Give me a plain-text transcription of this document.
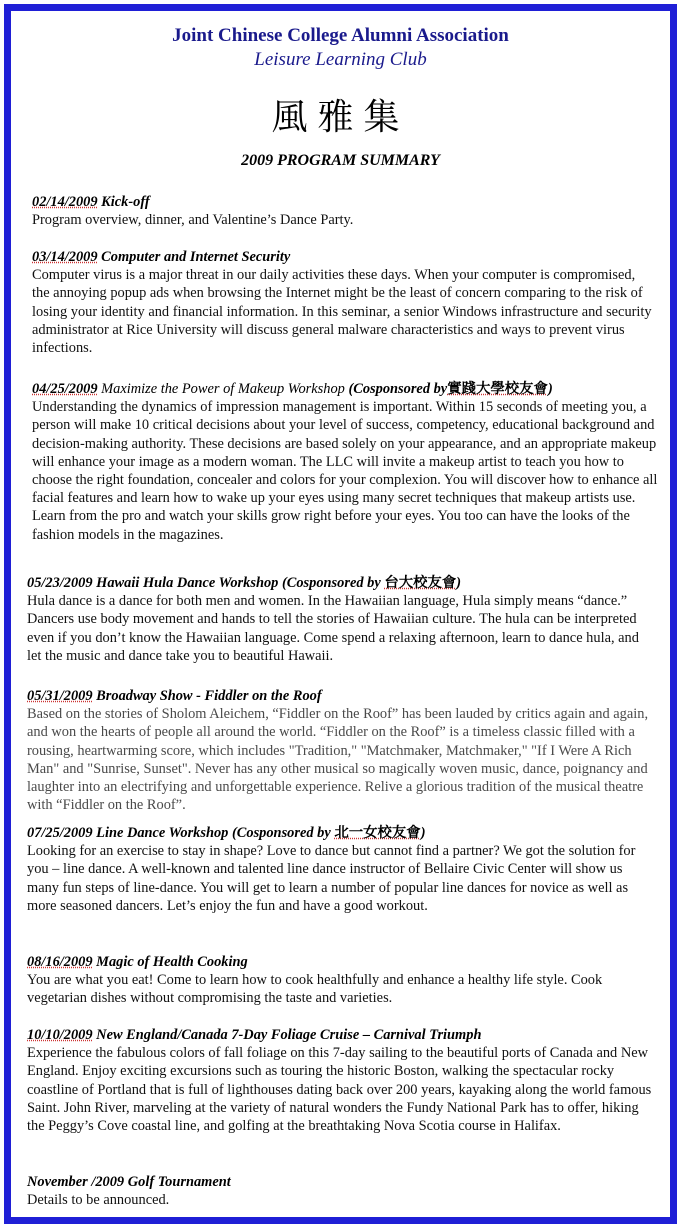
Joint Chinese College Alumni Association
Leisure Learning Club
風雅集
2009 PROGRAM SUMMARY
02/14/2009 Kick-off

Program overview, dinner, and Valentine’s Dance Party.

03/14/2009 Computer and Internet Security

Computer virus is a major threat in our daily activities these days. When your computer is compromised, the annoying popup ads when browsing the Internet might be the least of concern comparing to the risk of losing your identity and financial information. In this seminar, a senior Windows infrastructure and security administrator at Rice University will discuss general malware characteristics and ways to prevent virus infections.

04/25/2009 Maximize the Power of Makeup Workshop (Cosponsored by實踐大學校友會)

Understanding the dynamics of impression management is important. Within 15 seconds of meeting you, a person will make 10 critical decisions about your level of success, competency, educational background and decision-making authority. These decisions are based solely on your appearance, and an appropriate makeup will enhance your image as a modern woman. The LLC will invite a makeup artist to teach you how to choose the right foundation, concealer and colors for your complexion. You will discover how to enhance all facial features and learn how to wake up your eyes using many secret techniques that makeup artists use. Learn from the pro and watch your skills grow right before your eyes. You too can have the looks of the fashion models in the magazines.

05/23/2009 Hawaii Hula Dance Workshop (Cosponsored by 台大校友會)

Hula dance is a dance for both men and women. In the Hawaiian language, Hula simply means “dance.” Dancers use body movement and hands to tell the stories of Hawaiian culture. The hula can be interpreted even if you don’t know the Hawaiian language. Come spend a relaxing afternoon, learn to dance hula, and let the music and dance take you to beautiful Hawaii.

05/31/2009 Broadway Show - Fiddler on the Roof

Based on the stories of Sholom Aleichem, “Fiddler on the Roof” has been lauded by critics again and again, and won the hearts of people all around the world. “Fiddler on the Roof” is a timeless classic filled with a rousing, heartwarming score, which includes "Tradition," "Matchmaker, Matchmaker," "If I Were A Rich Man" and "Sunrise, Sunset". Never has any other musical so magically woven music, dance, poignancy and laughter into an electrifying and unforgettable experience. Relive a glorious tradition of the musical theatre with “Fiddler on the Roof”.

07/25/2009 Line Dance Workshop (Cosponsored by 北一女校友會)

Looking for an exercise to stay in shape? Love to dance but cannot find a partner? We got the solution for you – line dance. A well-known and talented line dance instructor of Bellaire Civic Center will show us many fun steps of line-dance. You will get to learn a number of popular line dances for novice as well as more seasoned dancers. Let’s enjoy the fun and have a good workout.

08/16/2009 Magic of Health Cooking

You are what you eat! Come to learn how to cook healthfully and enhance a healthy life style. Cook vegetarian dishes without compromising the taste and varieties.

10/10/2009 New England/Canada 7-Day Foliage Cruise – Carnival Triumph

Experience the fabulous colors of fall foliage on this 7-day sailing to the beautiful ports of Canada and New England. Enjoy exciting excursions such as touring the historic Boston, walking the spectacular rocky coastline of Portland that is full of lighthouses dating back over 200 years, kayaking along the world famous Saint. John River, marveling at the variety of natural wonders the Fundy National Park has to offer, hiking the Peggy’s Cove coastal line, and golfing at the breathtaking Nova Scotia course in Halifax.

November /2009 Golf Tournament

Details to be announced.
